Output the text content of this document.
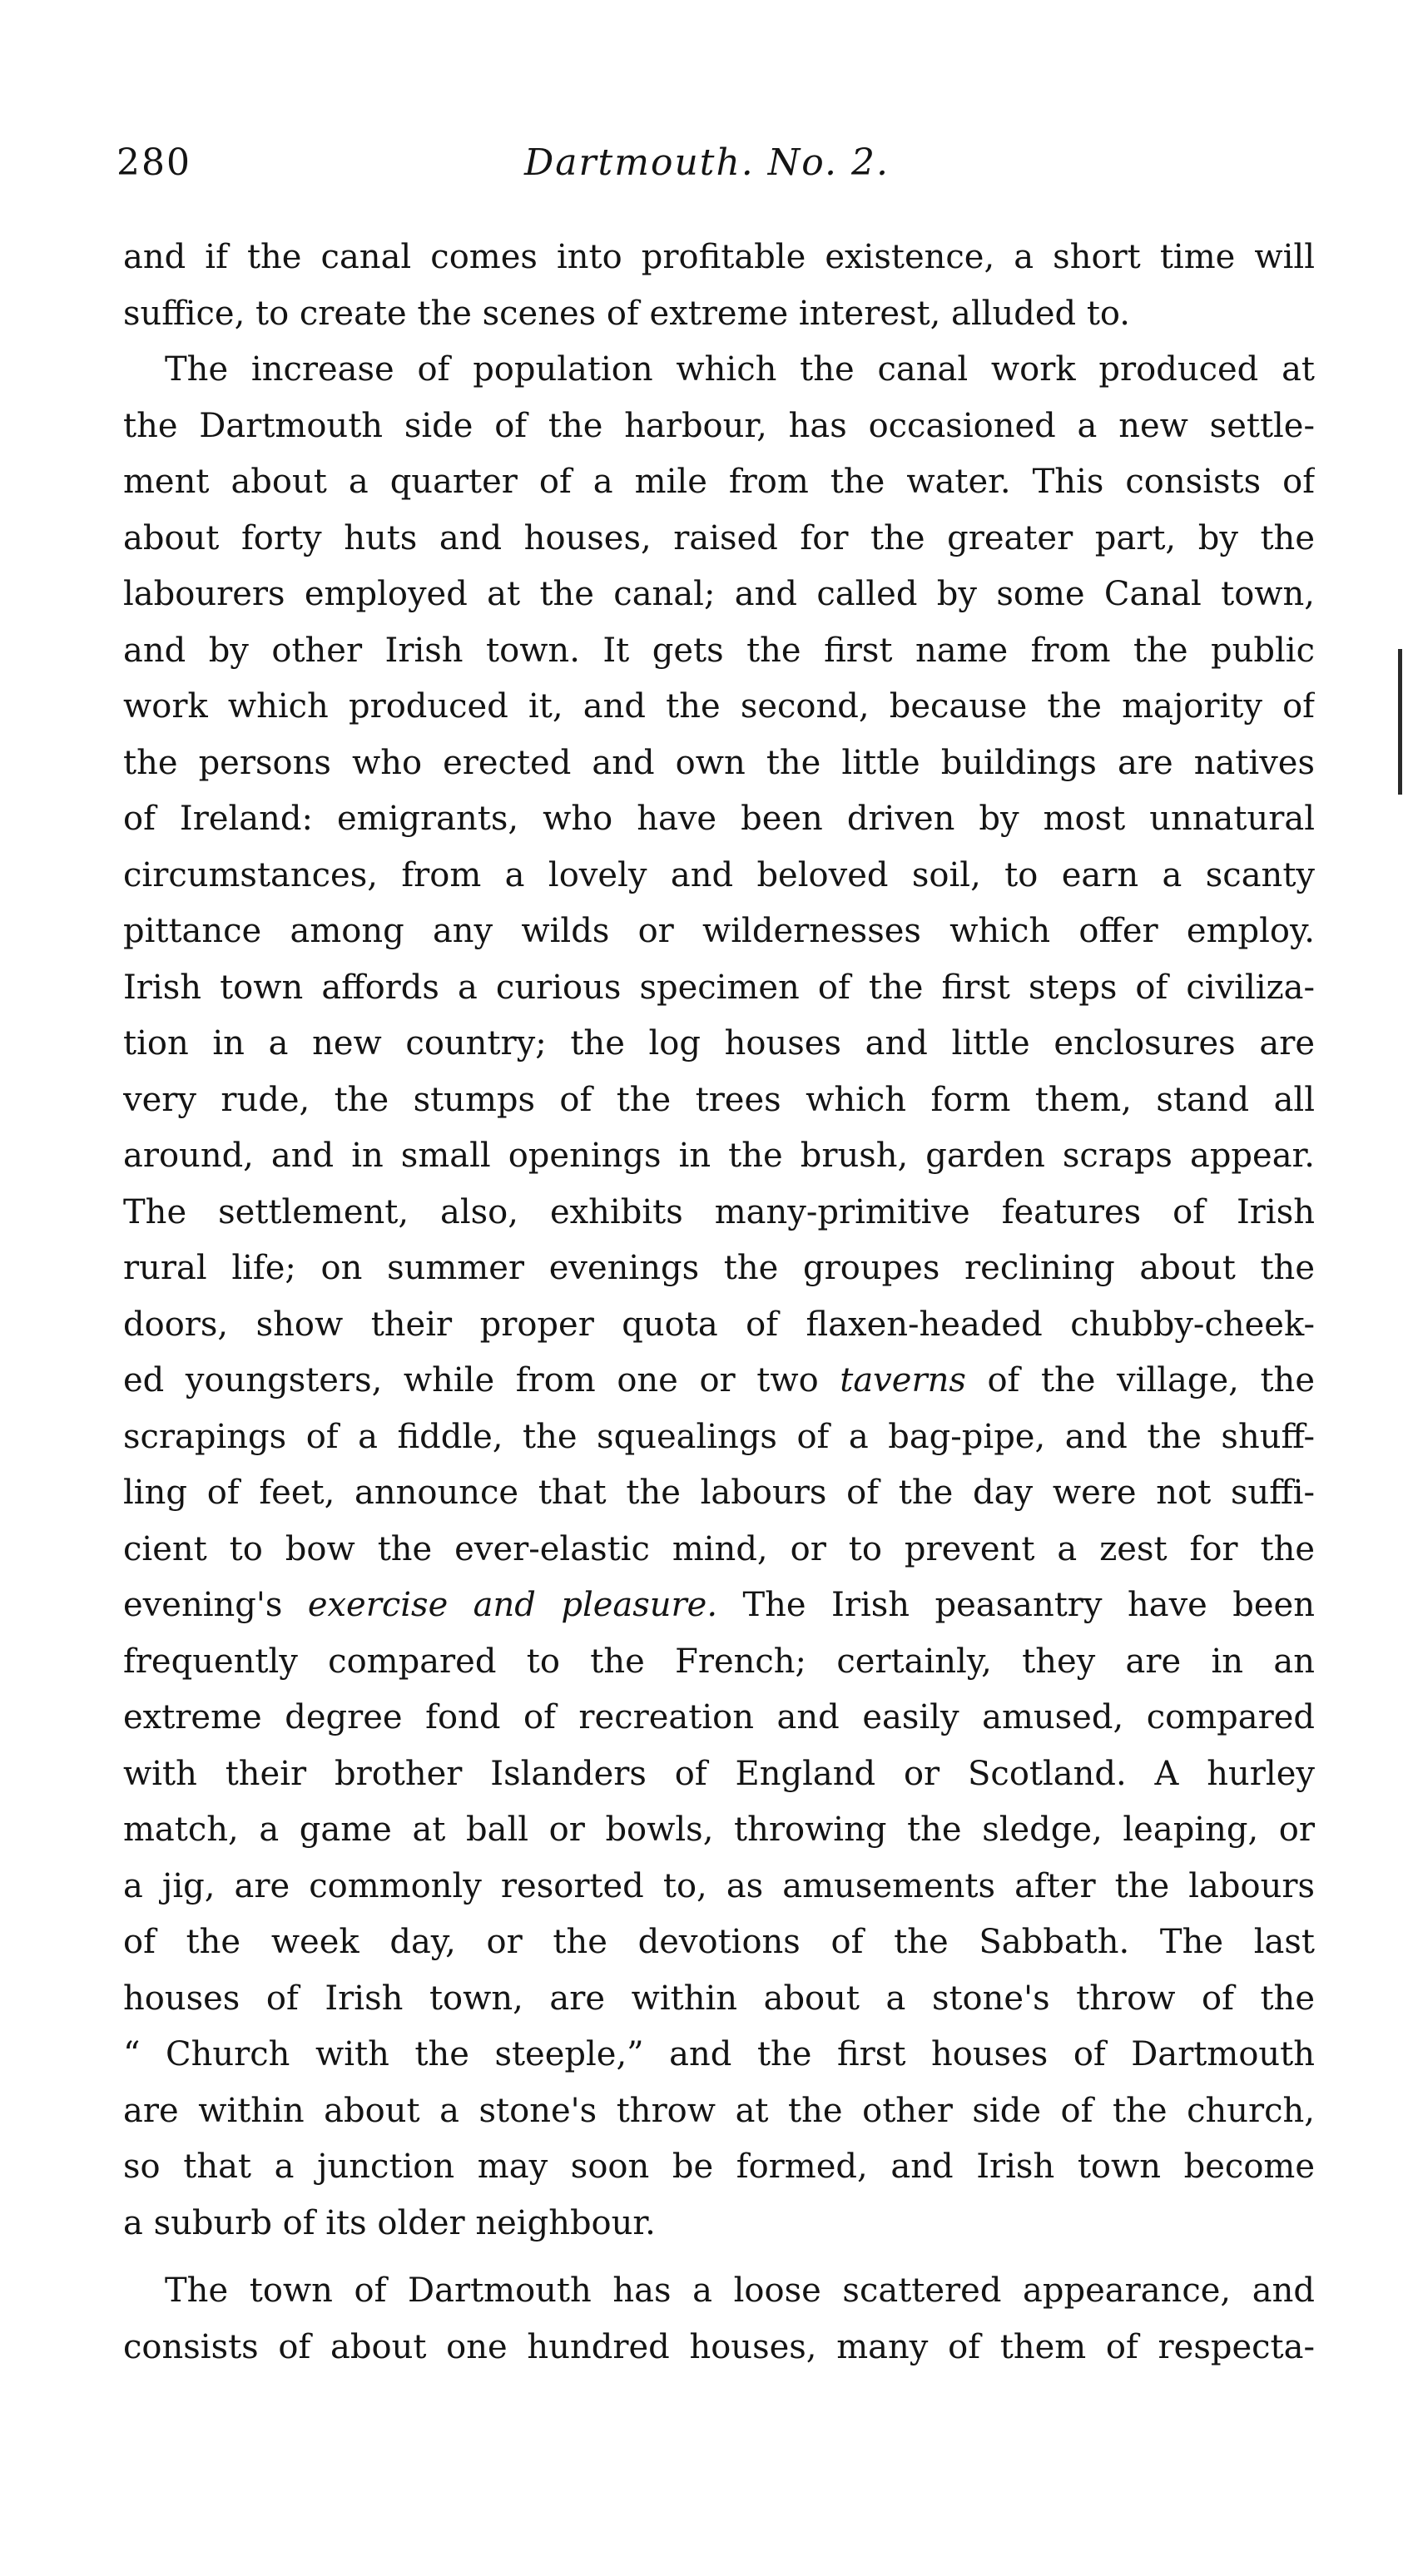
280	Dartmouth. No. 2.
and if the canal comes into profitable existence, a short time will
suffice, to create the scenes of extreme interest, alluded to.
The increase of population which the canal work produced at
the Dartmouth side of the harbour, has occasioned a new settle-
ment about a quarter of a mile from the water. This consists of
about forty huts and houses, raised for the greater part, by the
labourers employed at the canal; and called by some Canal town,
and by other Irish town. It gets the first name from the public
work which produced it, and the second, because the majority of
the persons who erected and own the little buildings are natives
of Ireland: emigrants, who have been driven by most unnatural
circumstances, from a lovely and beloved soil, to earn a scanty
pittance among any wilds or wildernesses which offer employ.
Irish town affords a curious specimen of the first steps of civiliza-
tion in a new country; the log houses and little enclosures are
very rude, the stumps of the trees which form them, stand all
around, and in small openings in the brush, garden scraps appear.
The settlement, also, exhibits many-primitive features of Irish
rural life; on summer evenings the groupes reclining about the
doors, show their proper quota of flaxen-headed chubby-cheek-
ed youngsters, while from one or two taverns of the village, the
scrapings of a fiddle, the squealings of a bag-pipe, and the shuff-
ling of feet, announce that the labours of the day were not suffi-
cient to bow the ever-elastic mind, or to prevent a zest for the
evening's exercise and pleasure. The Irish peasantry have been
frequently compared to the French; certainly, they are in an
extreme degree fond of recreation and easily amused, compared
with their brother Islanders of England or Scotland. A hurley
match, a game at ball or bowls, throwing the sledge, leaping, or
a jig, are commonly resorted to, as amusements after the labours
of the week day, or the devotions of the Sabbath. The last
houses of Irish town, are within about a stone's throw of the
“ Church with the steeple,” and the first houses of Dartmouth
are within about a stone's throw at the other side of the church,
so that a junction may soon be formed, and Irish town become
a suburb of its older neighbour.
The town of Dartmouth has a loose scattered appearance, and
consists of about one hundred houses, many of them of respecta-
